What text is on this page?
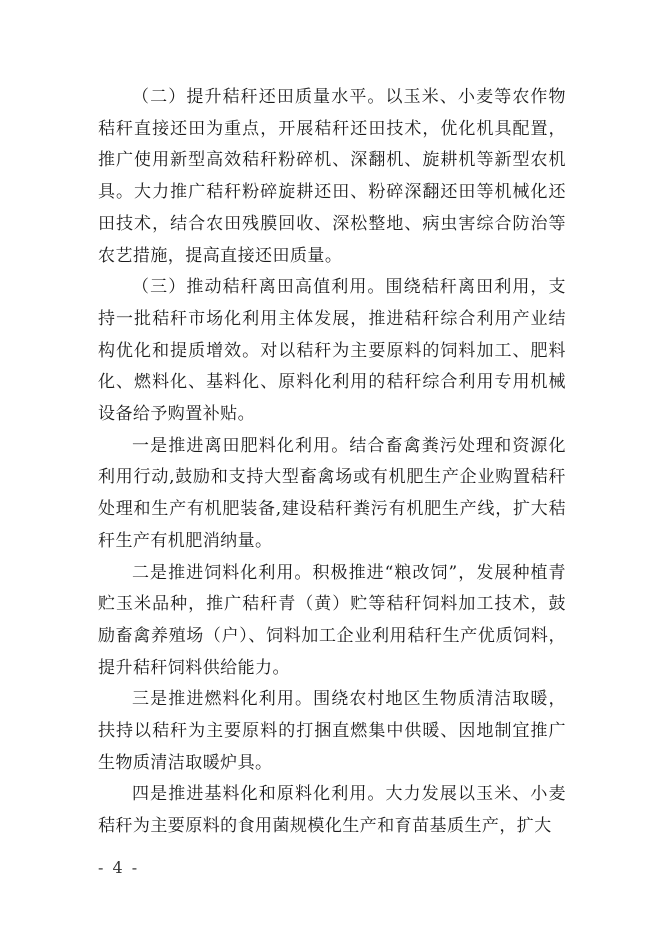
（二）提升秸秆还田质量水平。以玉米、小麦等农作物秸秆直接还田为重点，开展秸秆还田技术，优化机具配置，推广使用新型高效秸秆粉碎机、深翻机、旋耕机等新型农机具。大力推广秸秆粉碎旋耕还田、粉碎深翻还田等机械化还田技术，结合农田残膜回收、深松整地、病虫害综合防治等农艺措施，提高直接还田质量。

（三）推动秸秆离田高值利用。围绕秸秆离田利用，支持一批秸秆市场化利用主体发展，推进秸秆综合利用产业结构优化和提质增效。对以秸秆为主要原料的饲料加工、肥料化、燃料化、基料化、原料化利用的秸秆综合利用专用机械设备给予购置补贴。

一是推进离田肥料化利用。结合畜禽粪污处理和资源化利用行动,鼓励和支持大型畜禽场或有机肥生产企业购置秸秆处理和生产有机肥装备,建设秸秆粪污有机肥生产线，扩大秸秆生产有机肥消纳量。

二是推进饲料化利用。积极推进“粮改饲”，发展种植青贮玉米品种，推广秸秆青（黄）贮等秸秆饲料加工技术，鼓励畜禽养殖场（户）、饲料加工企业利用秸秆生产优质饲料，提升秸秆饲料供给能力。

三是推进燃料化利用。围绕农村地区生物质清洁取暖，扶持以秸秆为主要原料的打捆直燃集中供暖、因地制宜推广生物质清洁取暖炉具。

四是推进基料化和原料化利用。大力发展以玉米、小麦秸秆为主要原料的食用菌规模化生产和育苗基质生产，扩大

- 4 -
